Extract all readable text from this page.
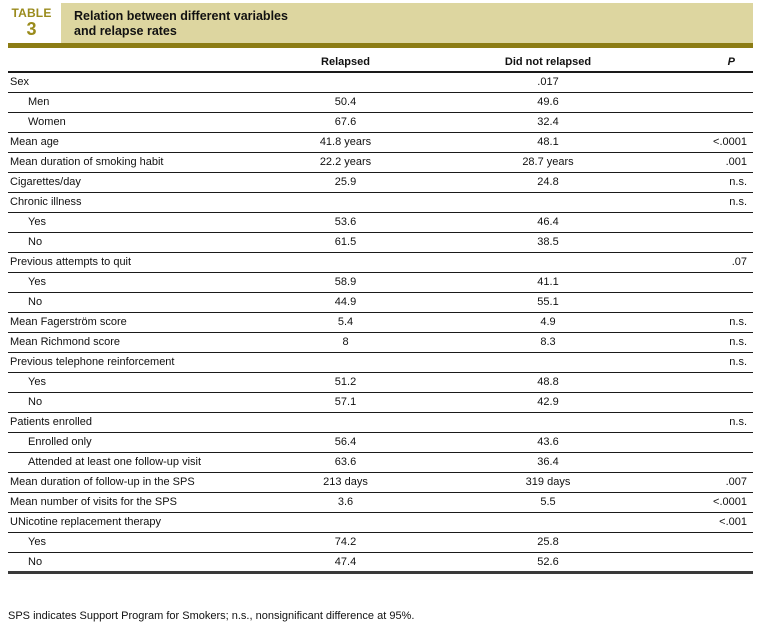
TABLE
3
Relation between different variables
and relapse rates
	Relapsed	Did not relapsed	P
Sex		.017	
Men	50.4	49.6	
Women	67.6	32.4	
Mean age	41.8 years	48.1	<.0001
Mean duration of smoking habit	22.2 years	28.7 years	.001
Cigarettes/day	25.9	24.8	n.s.
Chronic illness			n.s.
Yes	53.6	46.4	
No	61.5	38.5	
Previous attempts to quit			.07
Yes	58.9	41.1	
No	44.9	55.1	
Mean Fagerström score	5.4	4.9	n.s.
Mean Richmond score	8	8.3	n.s.
Previous telephone reinforcement			n.s.
Yes	51.2	48.8	
No	57.1	42.9	
Patients enrolled			n.s.
Enrolled only	56.4	43.6	
Attended at least one follow-up visit	63.6	36.4	
Mean duration of follow-up in the SPS	213 days	319 days	.007
Mean number of visits for the SPS	3.6	5.5	<.0001
UNicotine replacement therapy			<.001
Yes	74.2	25.8	
No	47.4	52.6	
SPS indicates Support Program for Smokers; n.s., nonsignificant difference at 95%.
